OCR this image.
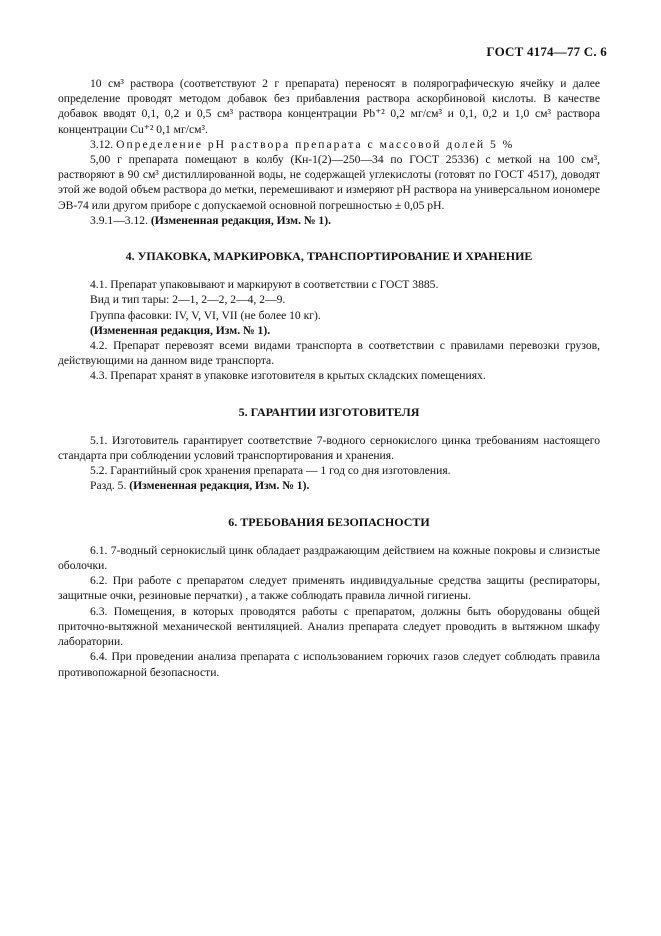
ГОСТ 4174—77 С. 6

10 см³ раствора (соответствуют 2 г препарата) переносят в полярографическую ячейку и далее определение проводят методом добавок без прибавления раствора аскорбиновой кислоты. В качестве добавок вводят 0,1, 0,2 и 0,5 см³ раствора концентрации Pb⁺² 0,2 мг/см³ и 0,1, 0,2 и 1,0 см³ раствора концентрации Cu⁺² 0,1 мг/см³.

3.12. Определение pH раствора препарата с массовой долей 5 %

5,00 г препарата помещают в колбу (Кн-1(2)—250—34 по ГОСТ 25336) с меткой на 100 см³, растворяют в 90 см³ дистиллированной воды, не содержащей углекислоты (готовят по ГОСТ 4517), доводят этой же водой объем раствора до метки, перемешивают и измеряют pH раствора на универсальном иономере ЭВ-74 или другом приборе с допускаемой основной погрешностью ± 0,05 pH.

3.9.1—3.12. (Измененная редакция, Изм. № 1).

4. УПАКОВКА, МАРКИРОВКА, ТРАНСПОРТИРОВАНИЕ И ХРАНЕНИЕ

4.1. Препарат упаковывают и маркируют в соответствии с ГОСТ 3885.

Вид и тип тары: 2—1, 2—2, 2—4, 2—9.

Группа фасовки: IV, V, VI, VII (не более 10 кг).

(Измененная редакция, Изм. № 1).

4.2. Препарат перевозят всеми видами транспорта в соответствии с правилами перевозки грузов, действующими на данном виде транспорта.

4.3. Препарат хранят в упаковке изготовителя в крытых складских помещениях.

5. ГАРАНТИИ ИЗГОТОВИТЕЛЯ

5.1. Изготовитель гарантирует соответствие 7-водного сернокислого цинка требованиям настоящего стандарта при соблюдении условий транспортирования и хранения.

5.2. Гарантийный срок хранения препарата — 1 год со дня изготовления.

Разд. 5. (Измененная редакция, Изм. № 1).

6. ТРЕБОВАНИЯ БЕЗОПАСНОСТИ

6.1. 7-водный сернокислый цинк обладает раздражающим действием на кожные покровы и слизистые оболочки.

6.2. При работе с препаратом следует применять индивидуальные средства защиты (респираторы, защитные очки, резиновые перчатки) , а также соблюдать правила личной гигиены.

6.3. Помещения, в которых проводятся работы с препаратом, должны быть оборудованы общей приточно-вытяжной механической вентиляцией. Анализ препарата следует проводить в вытяжном шкафу лаборатории.

6.4. При проведении анализа препарата с использованием горючих газов следует соблюдать правила противопожарной безопасности.
